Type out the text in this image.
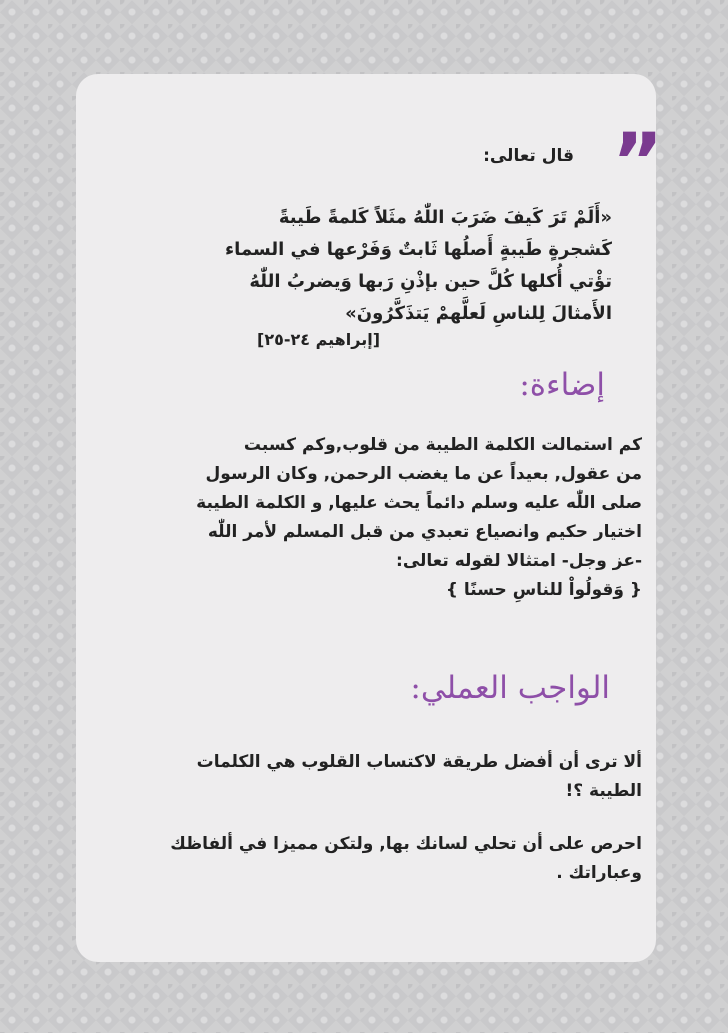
”
قال تعالى:
«أَلَمْ تَرَ كَيفَ ضَرَبَ اللّٰهُ مثَلاً كَلمةً طَيبةً
كَشجرةٍ طَيبةٍ أَصلُها ثَابتٌ وَفَرْعها في السماء
تؤْتي أُكلها كُلَّ حين بإذْنِ رَبها وَيضربُ اللّٰهُ
الأَمثالَ لِلناسِ لَعلَّهمْ يَتذَكَّرُونَ»
[إبراهيم ٢٤-٢٥]
إضاءة:
كم استمالت الكلمة الطيبة من قلوب,وكم كسبت
من عقول, بعيداً عن ما يغضب الرحمن, وكان الرسول
صلى اللّٰه عليه وسلم دائماً يحث عليها, و الكلمة الطيبة
اختيار حكيم وانصياع تعبدي من قبل المسلم لأمر اللّٰه
-عز وجل- امتثالا لقوله تعالى:
{ وَقولُواْ للناسِ حسنًا }
الواجب العملي:
ألا ترى أن أفضل طريقة لاكتساب القلوب هي الكلمات
الطيبة ؟!
احرص على أن تحلي لسانك بها, ولتكن مميزا في ألفاظك
وعباراتك .
